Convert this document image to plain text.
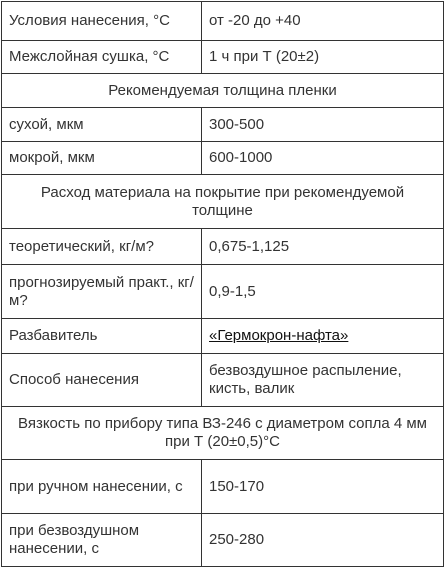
Условия нанесения, °С	от -20 до +40
Межслойная сушка, °С	1 ч при Т (20±2)
Рекомендуемая толщина пленки	
сухой, мкм	300-500
мокрой, мкм	600-1000
Расход материала на покрытие при рекомендуемой толщине	
теоретический, кг/м?	0,675-1,125
прогнозируемый практ., кг/м?	0,9-1,5
Разбавитель	«Гермокрон-нафта»
Способ нанесения	безвоздушное распыление, кисть, валик
Вязкость по прибору типа ВЗ-246 с диаметром сопла 4 мм при Т (20±0,5)°С	
при ручном нанесении, с	150-170
при безвоздушном нанесении, с	250-280
